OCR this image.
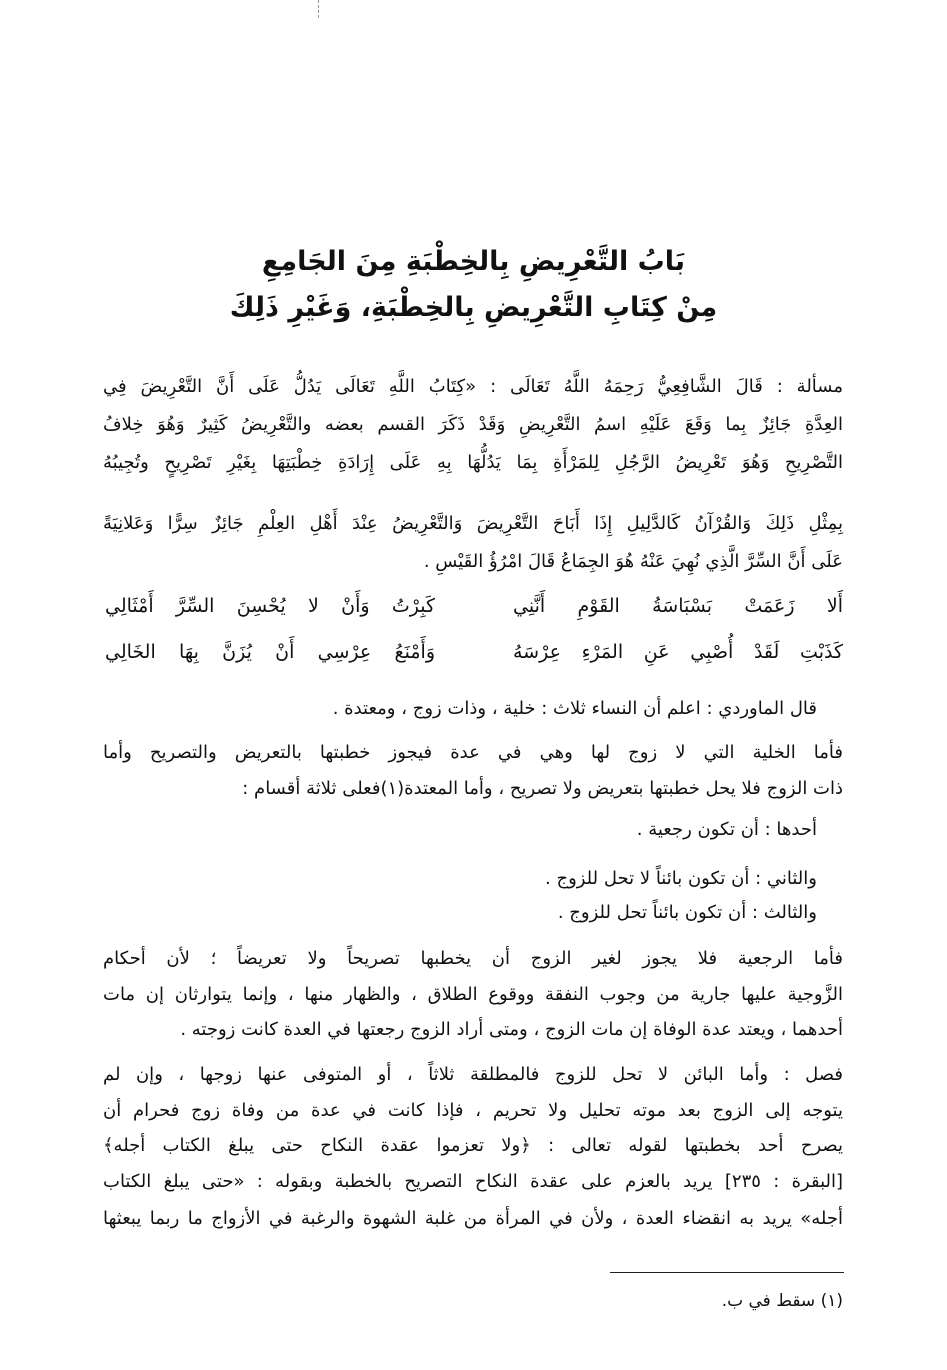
بَابُ التَّعْرِيضِ بِالخِطْبَةِ مِنَ الجَامِعِ
مِنْ كِتَابِ التَّعْرِيضِ بِالخِطْبَةِ، وَغَيْرِ ذَلِكَ
مسألة : قَالَ الشَّافِعِيُّ رَحِمَهُ اللَّهُ تَعَالَى : «كِتَابُ اللَّهِ تَعَالَى يَدُلُّ عَلَى أَنَّ التَّعْرِيضَ فِي
العِدَّةِ جَائِزٌ بِما وَقَعَ عَلَيْهِ اسمُ التَّعْرِيضِ وَقَدْ ذَكَرَ القسم بعضه والتَّعْرِيضُ كَثِيرٌ وَهُوَ خِلافُ
التَّصْرِيحِ وَهُوَ تَعْرِيضُ الرَّجُلِ لِلمَرْأَةِ بِمَا يَدُلُّهَا بِهِ عَلَى إِرَادَةِ خِطْبَتِهَا بِغَيْرِ تَصْرِيحٍ وتُجِيبُهُ
بِمِثْلِ ذَلِكَ وَالقُرْآنُ كَالدَّلِيلِ إِذَا أَبَاحَ التَّعْرِيضَ وَالتَّعْرِيضُ عِنْدَ أَهْلِ العِلْمِ جَائِزٌ سِرًّا وَعَلانِيَةً
عَلَى أَنَّ السِّرَّ الَّذِي نُهِيَ عَنْهُ هُوَ الجِمَاعُ قَالَ امْرُؤُ القَيْسِ .
أَلا زَعَمَتْ بَسْبَاسَةُ القَوْمِ أَنَّنِي
كَبِرْتُ وَأَنْ لا يُحْسِنَ السِّرَّ أَمْثَالِي
كَذَبْتِ لَقَدْ أُصْبِي عَنِ المَرْءِ عِرْسَهُ
وَأَمْنَعُ عِرْسِي أَنْ يُزَنَّ بِهَا الخَالِي
قال الماوردي : اعلم أن النساء ثلاث : خلية ، وذات زوج ، ومعتدة .
فأما الخلية التي لا زوج لها وهي في عدة فيجوز خطبتها بالتعريض والتصريح وأما
ذات الزوج فلا يحل خطبتها بتعريض ولا تصريح ، وأما المعتدة(١)فعلى ثلاثة أقسام :
أحدها : أن تكون رجعية .
والثاني : أن تكون بائناً لا تحل للزوج .
والثالث : أن تكون بائناً تحل للزوج .
فأما الرجعية فلا يجوز لغير الزوج أن يخطبها تصريحاً ولا تعريضاً ؛ لأن أحكام
الزَّوجية عليها جارية من وجوب النفقة ووقوع الطلاق ، والظهار منها ، وإنما يتوارثان إن مات
أحدهما ، ويعتد عدة الوفاة إن مات الزوج ، ومتى أراد الزوج رجعتها في العدة كانت زوجته .
فصل : وأما البائن لا تحل للزوج فالمطلقة ثلاثاً ، أو المتوفى عنها زوجها ، وإن لم
يتوجه إلى الزوج بعد موته تحليل ولا تحريم ، فإذا كانت في عدة من وفاة زوج فحرام أن
يصرح أحد بخطبتها لقوله تعالى : ﴿ولا تعزموا عقدة النكاح حتى يبلغ الكتاب أجله﴾
[البقرة : ٢٣٥] يريد بالعزم على عقدة النكاح التصريح بالخطبة وبقوله : «حتى يبلغ الكتاب
أجله» يريد به انقضاء العدة ، ولأن في المرأة من غلبة الشهوة والرغبة في الأزواج ما ربما يبعثها
(١) سقط في ب.
